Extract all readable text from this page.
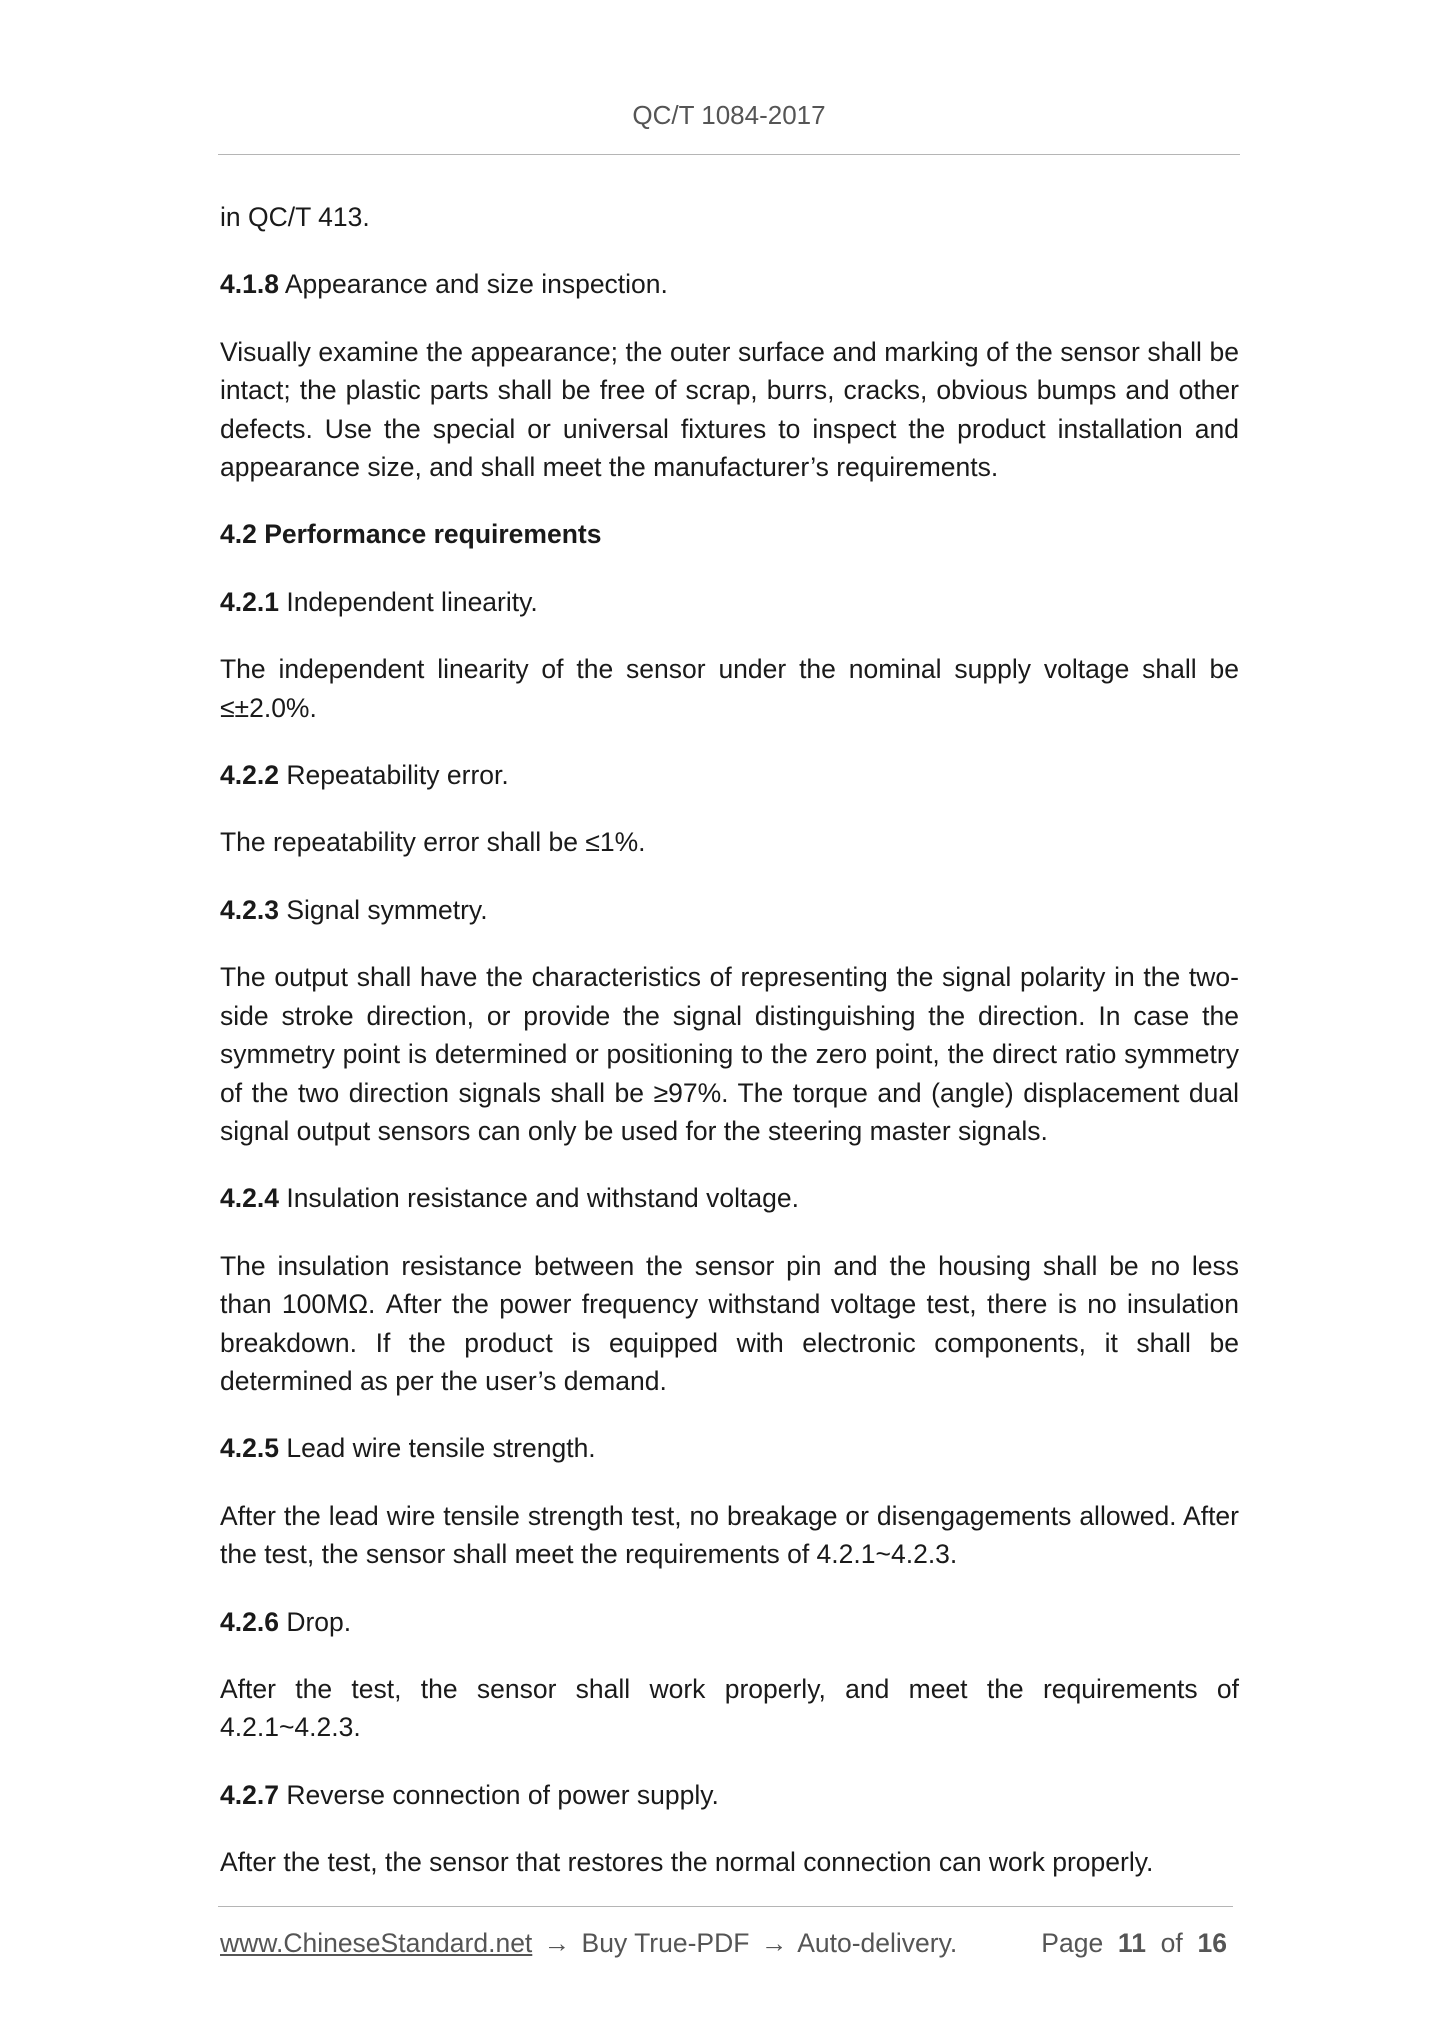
QC/T 1084-2017

in QC/T 413.

4.1.8 Appearance and size inspection.

Visually examine the appearance; the outer surface and marking of the sensor shall be intact; the plastic parts shall be free of scrap, burrs, cracks, obvious bumps and other defects. Use the special or universal fixtures to inspect the product installation and appearance size, and shall meet the manufacturer’s requirements.

4.2 Performance requirements

4.2.1 Independent linearity.

The independent linearity of the sensor under the nominal supply voltage shall be ≤±2.0%.

4.2.2 Repeatability error.

The repeatability error shall be ≤1%.

4.2.3 Signal symmetry.

The output shall have the characteristics of representing the signal polarity in the two-side stroke direction, or provide the signal distinguishing the direction. In case the symmetry point is determined or positioning to the zero point, the direct ratio symmetry of the two direction signals shall be ≥97%. The torque and (angle) displacement dual signal output sensors can only be used for the steering master signals.

4.2.4 Insulation resistance and withstand voltage.

The insulation resistance between the sensor pin and the housing shall be no less than 100MΩ. After the power frequency withstand voltage test, there is no insulation breakdown. If the product is equipped with electronic components, it shall be determined as per the user’s demand.

4.2.5 Lead wire tensile strength.

After the lead wire tensile strength test, no breakage or disengagements allowed. After the test, the sensor shall meet the requirements of 4.2.1~4.2.3.

4.2.6 Drop.

After the test, the sensor shall work properly, and meet the requirements of 4.2.1~4.2.3.

4.2.7 Reverse connection of power supply.

After the test, the sensor that restores the normal connection can work properly.

www.ChineseStandard.net → Buy True-PDF → Auto-delivery.	Page 11 of 16
